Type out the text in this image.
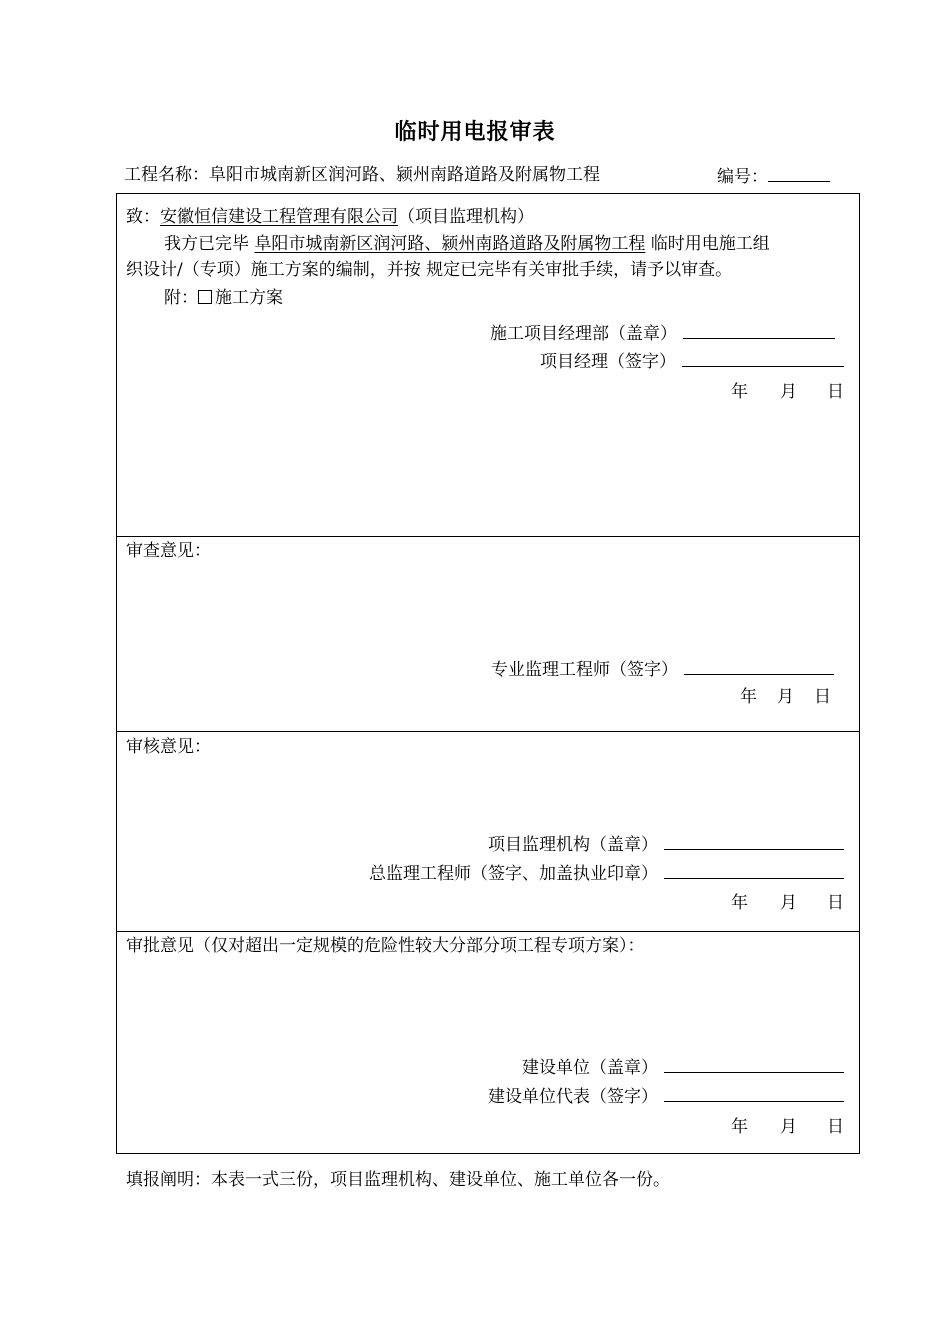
临时用电报审表
工程名称：阜阳市城南新区润河路、颍州南路道路及附属物工程	编号：
致：安徽恒信建设工程管理有限公司（项目监理机构）
我方已完毕 阜阳市城南新区润河路、颍州南路道路及附属物工程 临时用电施工组
织设计/（专项）施工方案的编制，并按 规定已完毕有关审批手续，请予以审查。
附： 施工方案
施工项目经理部（盖章）
项目经理（签字）
年 月 日
审查意见：
专业监理工程师（签字）
年 月 日
审核意见：
项目监理机构（盖章）
总监理工程师（签字、加盖执业印章）
年 月 日
审批意见（仅对超出一定规模的危险性较大分部分项工程专项方案）：
建设单位（盖章）
建设单位代表（签字）
年 月 日
填报阐明：本表一式三份，项目监理机构、建设单位、施工单位各一份。
